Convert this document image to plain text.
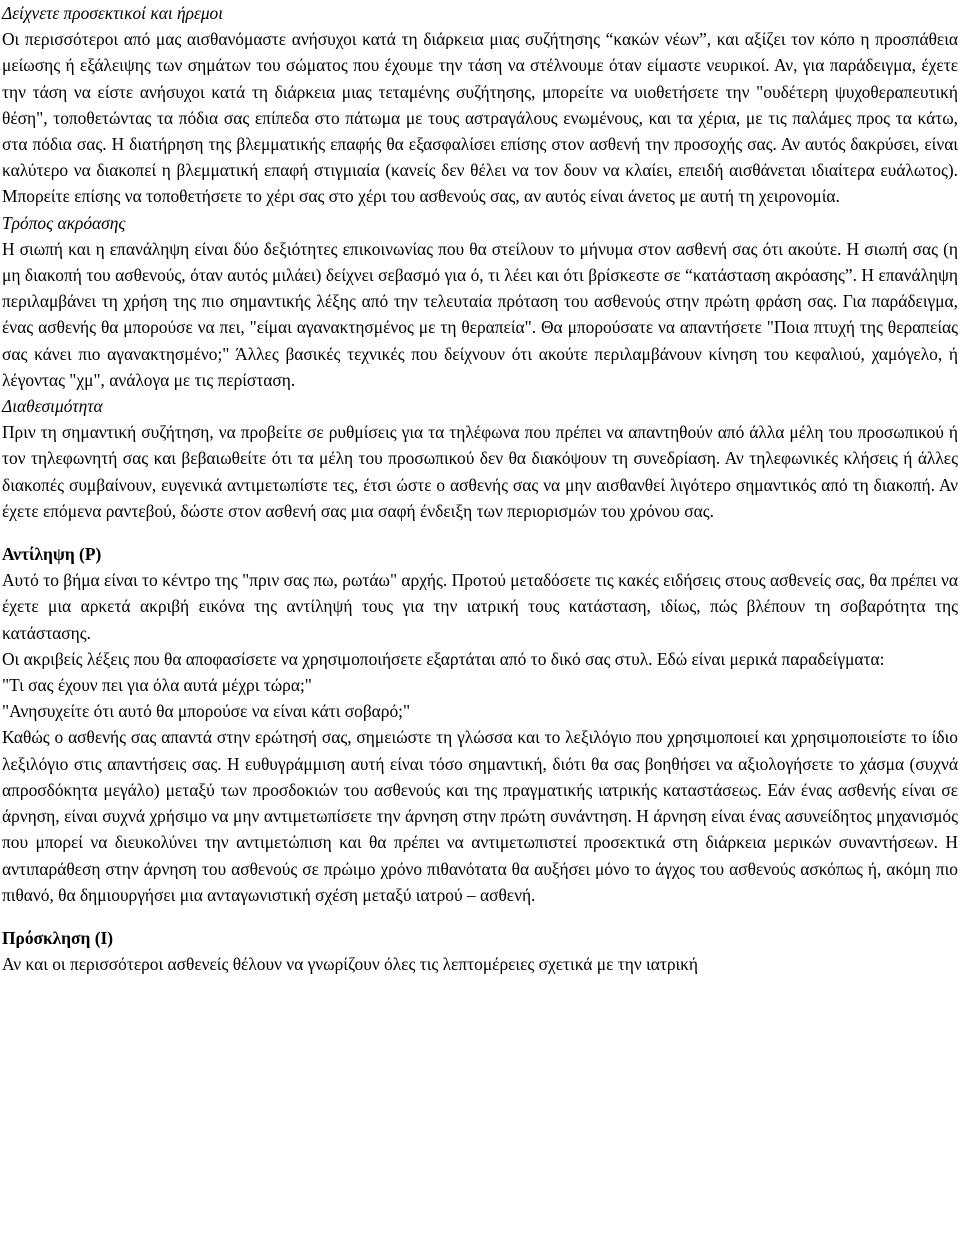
Δείχνετε προσεκτικοί και ήρεμοι

Οι περισσότεροι από μας αισθανόμαστε ανήσυχοι κατά τη διάρκεια μιας συζήτησης “κακών νέων”, και αξίζει τον κόπο η προσπάθεια μείωσης ή εξάλειψης των σημάτων του σώματος που έχουμε την τάση να στέλνουμε όταν είμαστε νευρικοί. Αν, για παράδειγμα, έχετε την τάση να είστε ανήσυχοι κατά τη διάρκεια μιας τεταμένης συζήτησης, μπορείτε να υιοθετήσετε την "ουδέτερη ψυχοθεραπευτική θέση", τοποθετώντας τα πόδια σας επίπεδα στο πάτωμα με τους αστραγάλους ενωμένους, και τα χέρια, με τις παλάμες προς τα κάτω, στα πόδια σας. Η διατήρηση της βλεμματικής επαφής θα εξασφαλίσει επίσης στον ασθενή την προσοχής σας. Αν αυτός δακρύσει, είναι καλύτερο να διακοπεί η βλεμματική επαφή στιγμιαία (κανείς δεν θέλει να τον δουν να κλαίει, επειδή αισθάνεται ιδιαίτερα ευάλωτος). Μπορείτε επίσης να τοποθετήσετε το χέρι σας στο χέρι του ασθενούς σας, αν αυτός είναι άνετος με αυτή τη χειρονομία.

Τρόπος ακρόασης

Η σιωπή και η επανάληψη είναι δύο δεξιότητες επικοινωνίας που θα στείλουν το μήνυμα στον ασθενή σας ότι ακούτε. Η σιωπή σας (η μη διακοπή του ασθενούς, όταν αυτός μιλάει) δείχνει σεβασμό για ό, τι λέει και ότι βρίσκεστε σε “κατάσταση ακρόασης”. Η επανάληψη περιλαμβάνει τη χρήση της πιο σημαντικής λέξης από την τελευταία πρόταση του ασθενούς στην πρώτη φράση σας. Για παράδειγμα, ένας ασθενής θα μπορούσε να πει, "είμαι αγανακτησμένος με τη θεραπεία". Θα μπορούσατε να απαντήσετε "Ποια πτυχή της θεραπείας σας κάνει πιο αγανακτησμένο;" Άλλες βασικές τεχνικές που δείχνουν ότι ακούτε περιλαμβάνουν κίνηση του κεφαλιού, χαμόγελο, ή λέγοντας "χμ", ανάλογα με τις περίσταση.

Διαθεσιμότητα

Πριν τη σημαντική συζήτηση, να προβείτε σε ρυθμίσεις για τα τηλέφωνα που πρέπει να απαντηθούν από άλλα μέλη του προσωπικού ή τον τηλεφωνητή σας και βεβαιωθείτε ότι τα μέλη του προσωπικού δεν θα διακόψουν τη συνεδρίαση. Αν τηλεφωνικές κλήσεις ή άλλες διακοπές συμβαίνουν, ευγενικά αντιμετωπίστε τες, έτσι ώστε ο ασθενής σας να μην αισθανθεί λιγότερο σημαντικός από τη διακοπή. Αν έχετε επόμενα ραντεβού, δώστε στον ασθενή σας μια σαφή ένδειξη των περιορισμών του χρόνου σας.

Αντίληψη (P)

Αυτό το βήμα είναι το κέντρο της "πριν σας πω, ρωτάω" αρχής. Προτού μεταδόσετε τις κακές ειδήσεις στους ασθενείς σας, θα πρέπει να έχετε μια αρκετά ακριβή εικόνα της αντίληψή τους για την ιατρική τους κατάσταση, ιδίως, πώς βλέπουν τη σοβαρότητα της κατάστασης.

Οι ακριβείς λέξεις που θα αποφασίσετε να χρησιμοποιήσετε εξαρτάται από το δικό σας στυλ. Εδώ είναι μερικά παραδείγματα:

"Τι σας έχουν πει για όλα αυτά μέχρι τώρα;"

"Ανησυχείτε ότι αυτό θα μπορούσε να είναι κάτι σοβαρό;"

Καθώς ο ασθενής σας απαντά στην ερώτησή σας, σημειώστε τη γλώσσα και το λεξιλόγιο που χρησιμοποιεί και χρησιμοποιείστε το ίδιο λεξιλόγιο στις απαντήσεις σας. Η ευθυγράμμιση αυτή είναι τόσο σημαντική, διότι θα σας βοηθήσει να αξιολογήσετε το χάσμα (συχνά απροσδόκητα μεγάλο) μεταξύ των προσδοκιών του ασθενούς και της πραγματικής ιατρικής καταστάσεως. Εάν ένας ασθενής είναι σε άρνηση, είναι συχνά χρήσιμο να μην αντιμετωπίσετε την άρνηση στην πρώτη συνάντηση. Η άρνηση είναι ένας ασυνείδητος μηχανισμός που μπορεί να διευκολύνει την αντιμετώπιση και θα πρέπει να αντιμετωπιστεί προσεκτικά στη διάρκεια μερικών συναντήσεων. Η αντιπαράθεση στην άρνηση του ασθενούς σε πρώιμο χρόνο πιθανότατα θα αυξήσει μόνο το άγχος του ασθενούς ασκόπως ή, ακόμη πιο πιθανό, θα δημιουργήσει μια ανταγωνιστική σχέση μεταξύ ιατρού – ασθενή.

Πρόσκληση (I)

Αν και οι περισσότεροι ασθενείς θέλουν να γνωρίζουν όλες τις λεπτομέρειες σχετικά με την ιατρική
